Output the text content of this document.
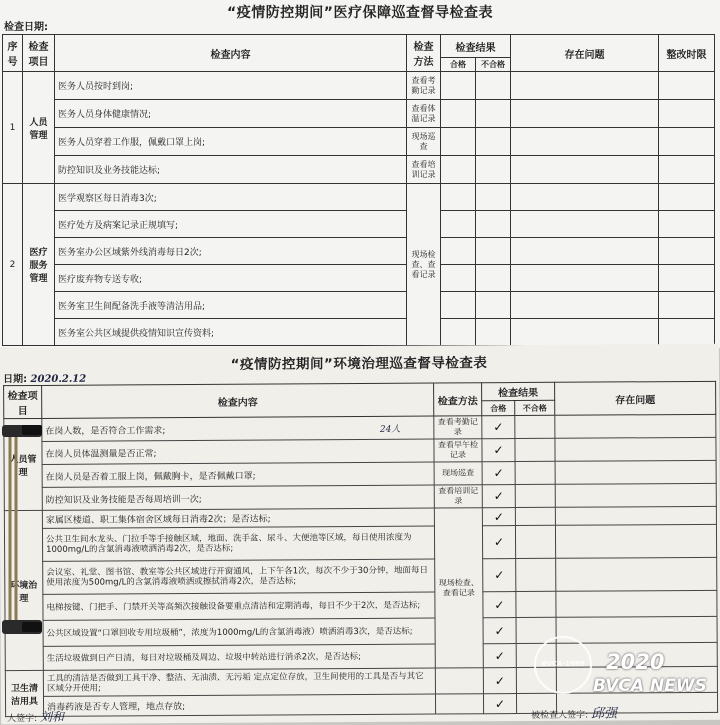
“疫情防控期间”医疗保障巡查督导检查表
检查日期:
序号	检查项目	检查内容	检查方法	检查结果		存在问题	整改时限
				合格	不合格		
1	人员管理	医务人员按时到岗;	查看考勤记录				
		医务人员身体健康情况;	查看体温记录				
		医务人员穿着工作服，佩戴口罩上岗;	现场巡查				
		防控知识及业务技能达标;	查看培训记录				
2	医疗服务管理	医学观察区每日消毒3次;	现场检查、查看记录				
		医疗处方及病案记录正规填写;					
		医务室办公区域紫外线消毒每日2次;					
		医疗废弃物专送专收;					
		医务室卫生间配备洗手液等清洁用品;					
		医务室公共区域提供疫情知识宣传资料;					
“疫情防控期间”环境治理巡查督导检查表
日期: 2020.2.12
检查项目	检查内容	检查方法	检查结果		存在问题
			合格	不合格	
人员管理	在岗人数，是否符合工作需求; 24人	查看考勤记录	✓		
	在岗人员体温测量是否正常;	查看早午检记录	✓		
	在岗人员是否着工服上岗，佩戴胸卡，是否佩戴口罩;	现场巡查	✓		
	防控知识及业务技能是否每周培训一次;	查看培训记录	✓		
环境治理	家属区楼道、职工集体宿舍区域每日消毒2次；是否达标;	现场检查、查看记录	✓		
	公共卫生间水龙头、门拉手等手接触区域，地面、洗手盆、尿斗、大便池等区域，每日使用浓度为1000mg/L的含氯消毒液喷洒消毒2次，是否达标;		✓		
	会议室、礼堂、图书馆、教室等公共区域进行开窗通风，上下午各1次，每次不少于30分钟，地面每日使用浓度为500mg/L的含氯消毒液喷洒或擦拭消毒2次，是否达标;		✓		
	电梯按键、门把手、门禁开关等高频次接触设备要重点清洁和定期消毒，每日不少于2次，是否达标;		✓		
	公共区域设置“口罩回收专用垃圾桶”，浓度为1000mg/L的含氯消毒液）喷洒消毒3次，是否达标;		✓		
	生活垃圾做到日产日清，每日对垃圾桶及周边、垃圾中转站进行消杀2次，是否达标;		✓		
卫生清洁用具	工具的清洁是否做到工具干净、整洁、无油渍、无污垢 定点定位存放，卫生间使用的工具是否与其它区域分开使用;		✓		
	消毒药液是否专人管理，地点存放;		✓		
人签字: 刘和	被检查人签字: 邱强
BVCA·1998 2020
BVCA NEWS
